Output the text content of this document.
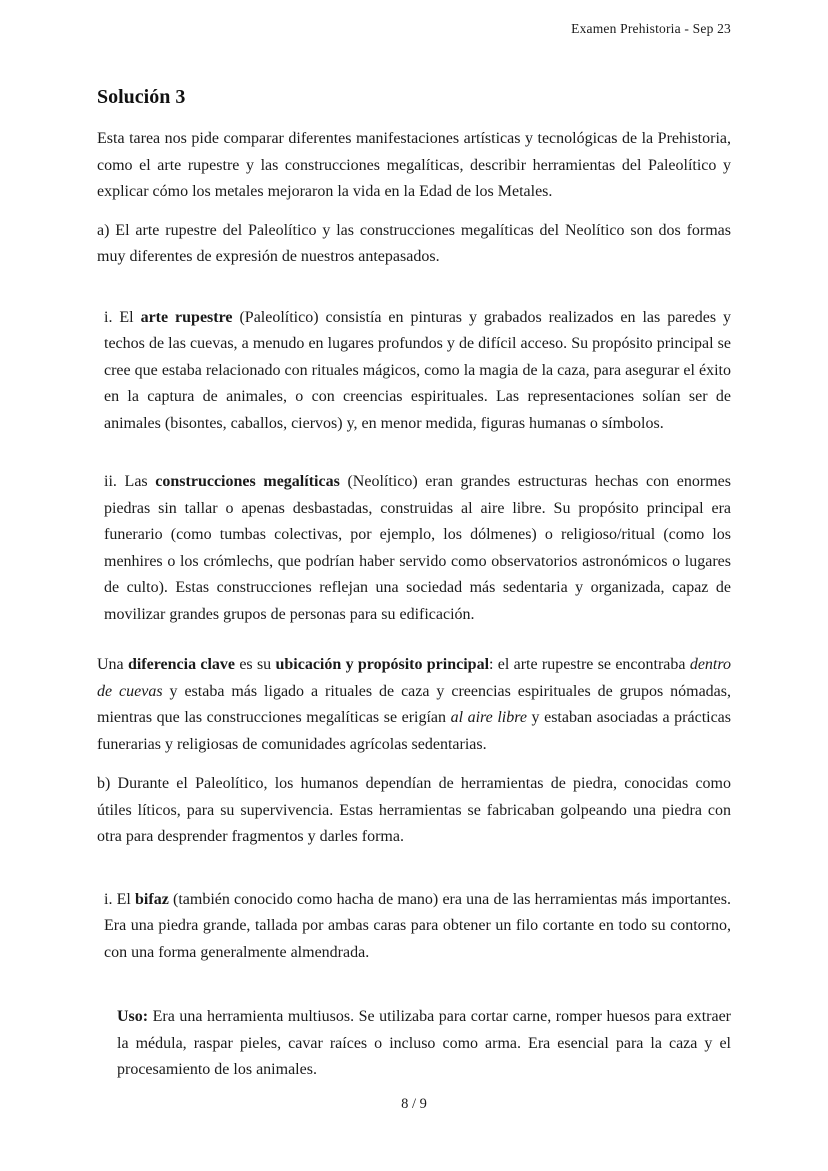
Examen Prehistoria - Sep 23
Solución 3

Esta tarea nos pide comparar diferentes manifestaciones artísticas y tecnológicas de la Prehistoria, como el arte rupestre y las construcciones megalíticas, describir herramientas del Paleolítico y explicar cómo los metales mejoraron la vida en la Edad de los Metales.

a) El arte rupestre del Paleolítico y las construcciones megalíticas del Neolítico son dos formas muy diferentes de expresión de nuestros antepasados.

i. El arte rupestre (Paleolítico) consistía en pinturas y grabados realizados en las paredes y techos de las cuevas, a menudo en lugares profundos y de difícil acceso. Su propósito principal se cree que estaba relacionado con rituales mágicos, como la magia de la caza, para asegurar el éxito en la captura de animales, o con creencias espirituales. Las representaciones solían ser de animales (bisontes, caballos, ciervos) y, en menor medida, figuras humanas o símbolos.

ii. Las construcciones megalíticas (Neolítico) eran grandes estructuras hechas con enormes piedras sin tallar o apenas desbastadas, construidas al aire libre. Su propósito principal era funerario (como tumbas colectivas, por ejemplo, los dólmenes) o religioso/ritual (como los menhires o los crómlechs, que podrían haber servido como observatorios astronómicos o lugares de culto). Estas construcciones reflejan una sociedad más sedentaria y organizada, capaz de movilizar grandes grupos de personas para su edificación.

Una diferencia clave es su ubicación y propósito principal: el arte rupestre se encontraba dentro de cuevas y estaba más ligado a rituales de caza y creencias espirituales de grupos nómadas, mientras que las construcciones megalíticas se erigían al aire libre y estaban asociadas a prácticas funerarias y religiosas de comunidades agrícolas sedentarias.

b) Durante el Paleolítico, los humanos dependían de herramientas de piedra, conocidas como útiles líticos, para su supervivencia. Estas herramientas se fabricaban golpeando una piedra con otra para desprender fragmentos y darles forma.

i. El bifaz (también conocido como hacha de mano) era una de las herramientas más importantes. Era una piedra grande, tallada por ambas caras para obtener un filo cortante en todo su contorno, con una forma generalmente almendrada.

Uso: Era una herramienta multiusos. Se utilizaba para cortar carne, romper huesos para extraer la médula, raspar pieles, cavar raíces o incluso como arma. Era esencial para la caza y el procesamiento de los animales.

8 / 9
